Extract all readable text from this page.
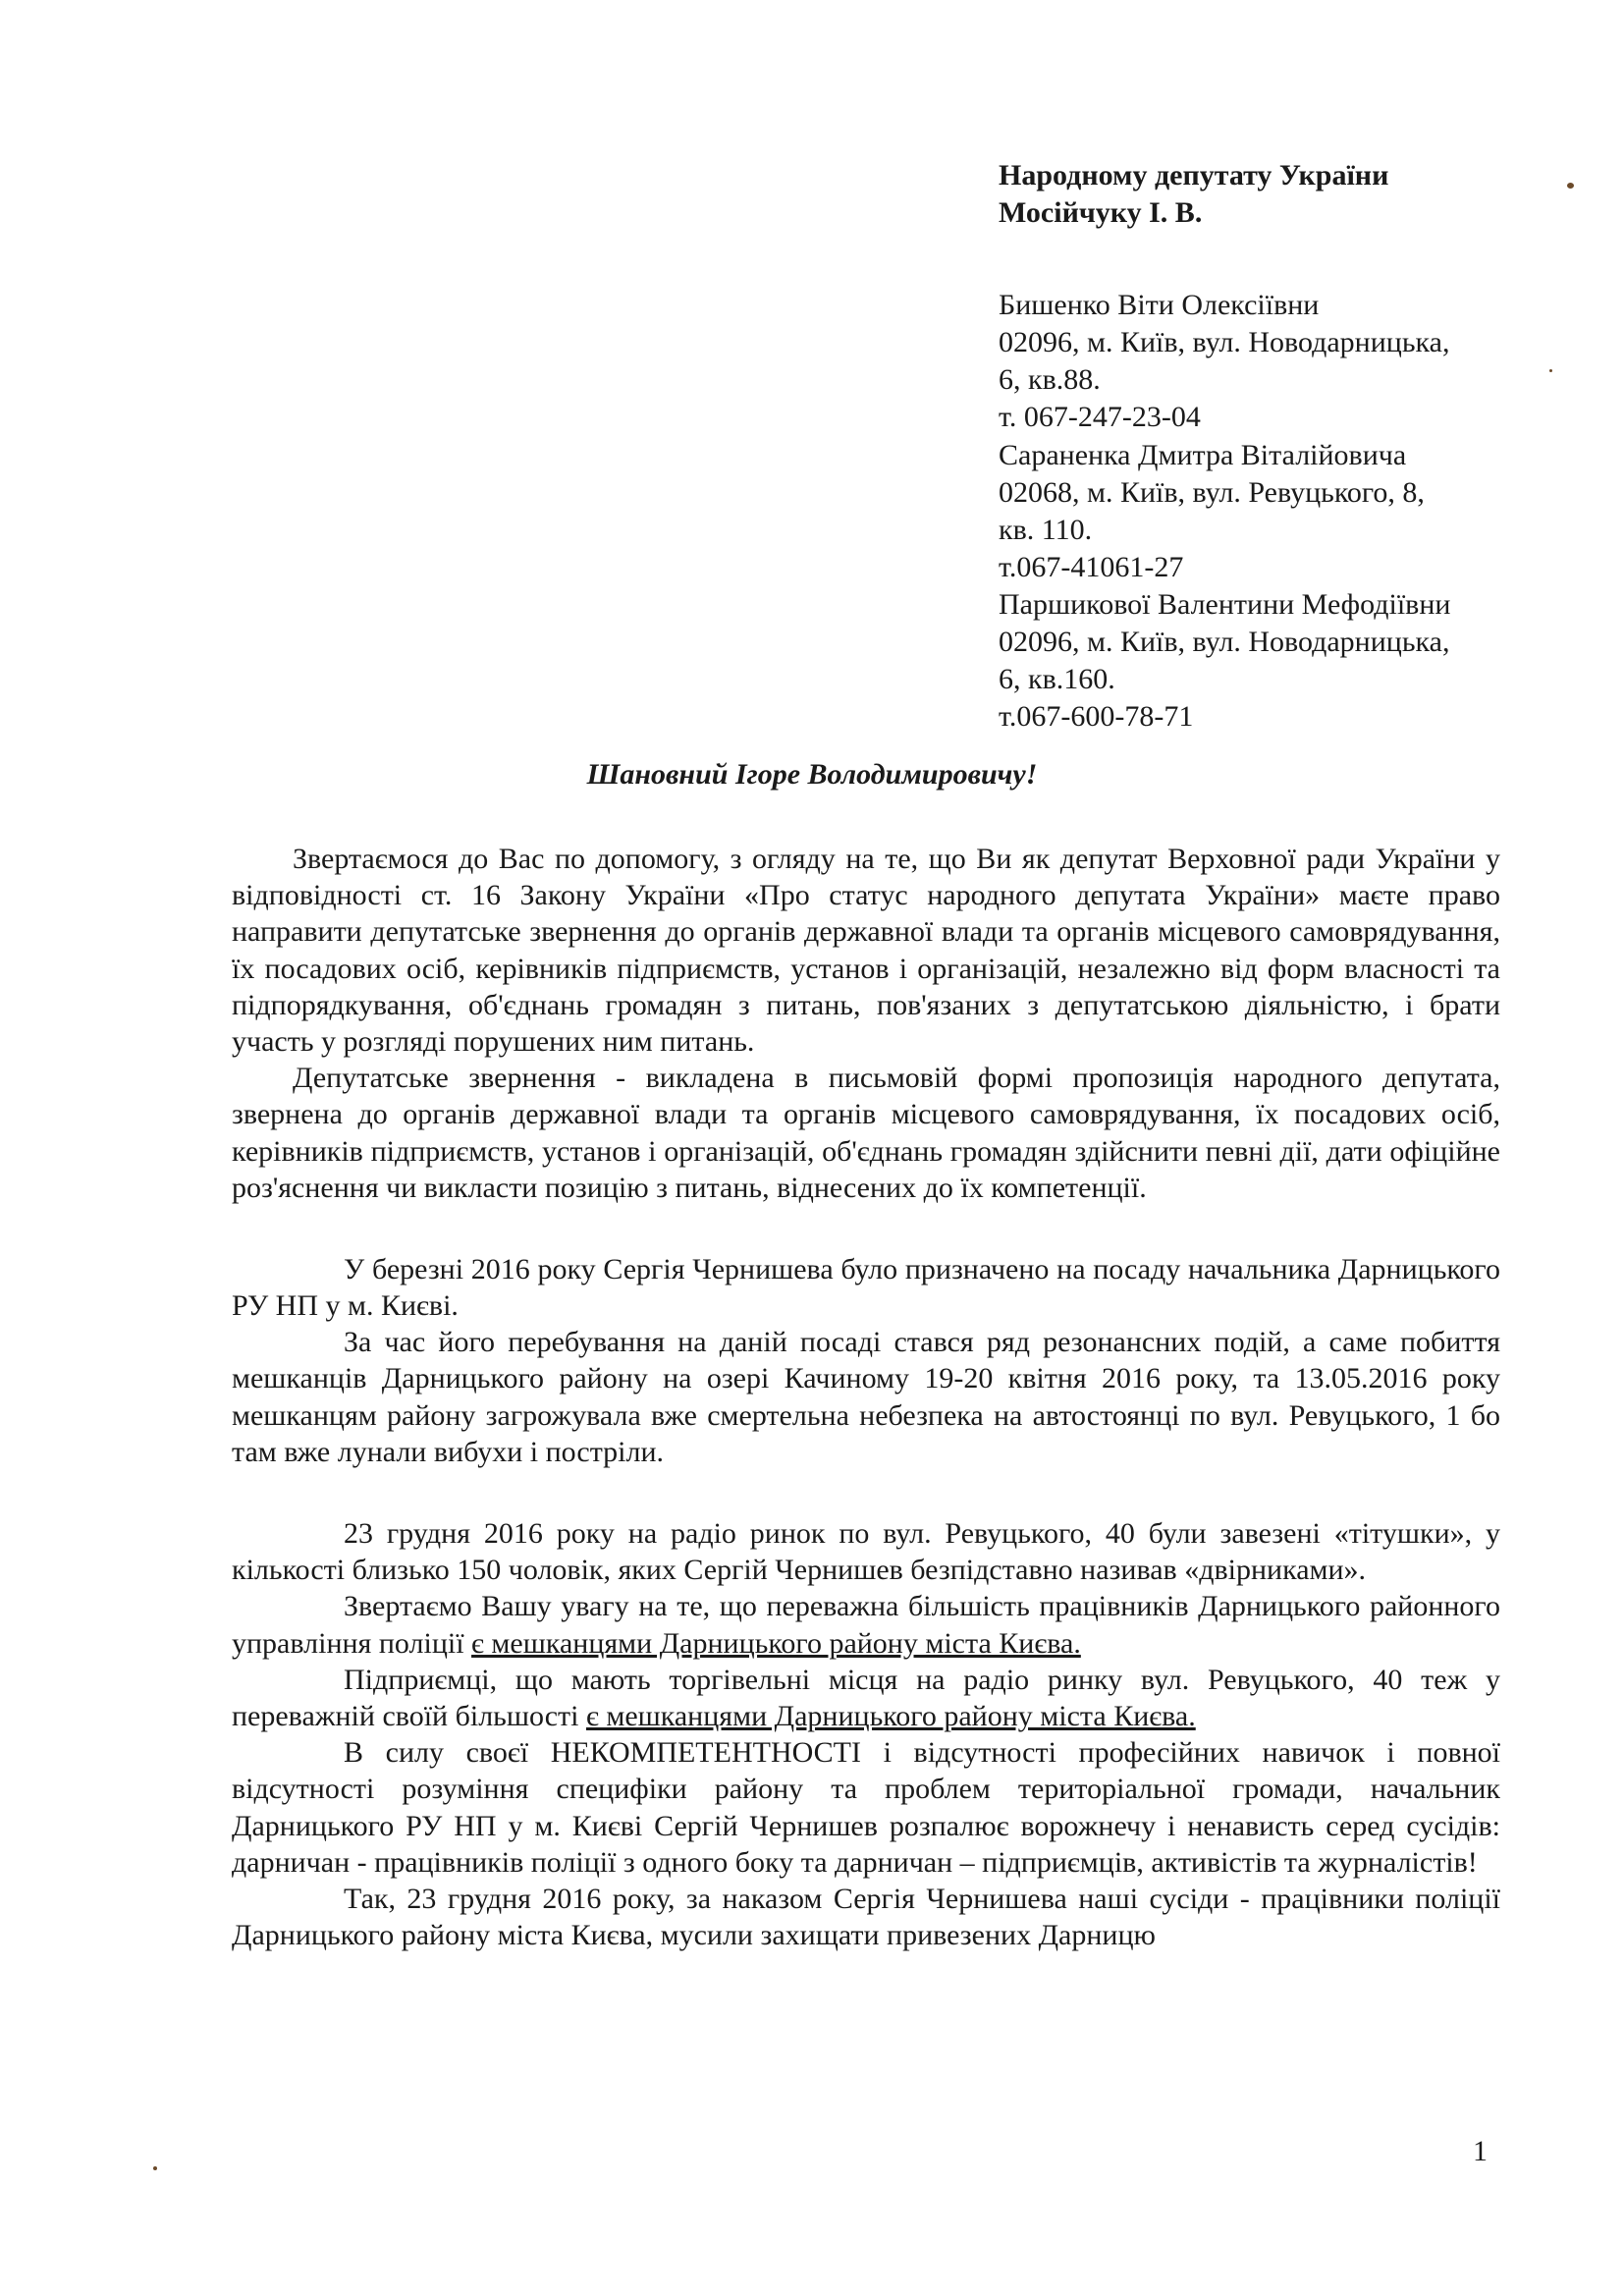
Народному депутату України
Мосійчуку І. В.
Бишенко Віти Олексіївни
02096, м. Київ, вул. Новодарницька,
6, кв.88.
т. 067-247-23-04
Сараненка Дмитра Віталійовича
02068, м. Київ, вул. Ревуцького, 8,
кв. 110.
т.067-41061-27
Паршикової Валентини Мефодіївни
02096, м. Київ, вул. Новодарницька,
6, кв.160.
т.067-600-78-71
Шановний Ігоре Володимировичу!

Звертаємося до Вас по допомогу, з огляду на те, що Ви як депутат Верховної ради України у відповідності ст. 16 Закону України «Про статус народного депутата України» маєте право направити депутатське звернення до органів державної влади та органів місцевого самоврядування, їх посадових осіб, керівників підприємств, установ і організацій, незалежно від форм власності та підпорядкування, об'єднань громадян з питань, пов'язаних з депутатською діяльністю, і брати участь у розгляді порушених ним питань.

Депутатське звернення - викладена в письмовій формі пропозиція народного депутата, звернена до органів державної влади та органів місцевого самоврядування, їх посадових осіб, керівників підприємств, установ і організацій, об'єднань громадян здійснити певні дії, дати офіційне роз'яснення чи викласти позицію з питань, віднесених до їх компетенції.

У березні 2016 року Сергія Чернишева було призначено на посаду начальника Дарницького РУ НП у м. Києві.

За час його перебування на даній посаді стався ряд резонансних подій, а саме побиття мешканців Дарницького району на озері Качиному 19-20 квітня 2016 року, та 13.05.2016 року мешканцям району загрожувала вже смертельна небезпека на автостоянці по вул. Ревуцького, 1 бо там вже лунали вибухи і постріли.

23 грудня 2016 року на радіо ринок по вул. Ревуцького, 40 були завезені «тітушки», у кількості близько 150 чоловік, яких Сергій Чернишев безпідставно називав «двірниками».

Звертаємо Вашу увагу на те, що переважна більшість працівників Дарницького районного управління поліції є мешканцями Дарницького району міста Києва.

Підприємці, що мають торгівельні місця на радіо ринку вул. Ревуцького, 40 теж у переважній своїй більшості є мешканцями Дарницького району міста Києва.

В силу своєї НЕКОМПЕТЕНТНОСТІ і відсутності професійних навичок і повної відсутності розуміння специфіки району та проблем територіальної громади, начальник Дарницького РУ НП у м. Києві Сергій Чернишев розпалює ворожнечу і ненависть серед сусідів: дарничан - працівників поліції з одного боку та дарничан – підприємців, активістів та журналістів!

Так, 23 грудня 2016 року, за наказом Сергія Чернишева наші сусіди - працівники поліції Дарницького району міста Києва, мусили захищати привезених Дарницю

1
